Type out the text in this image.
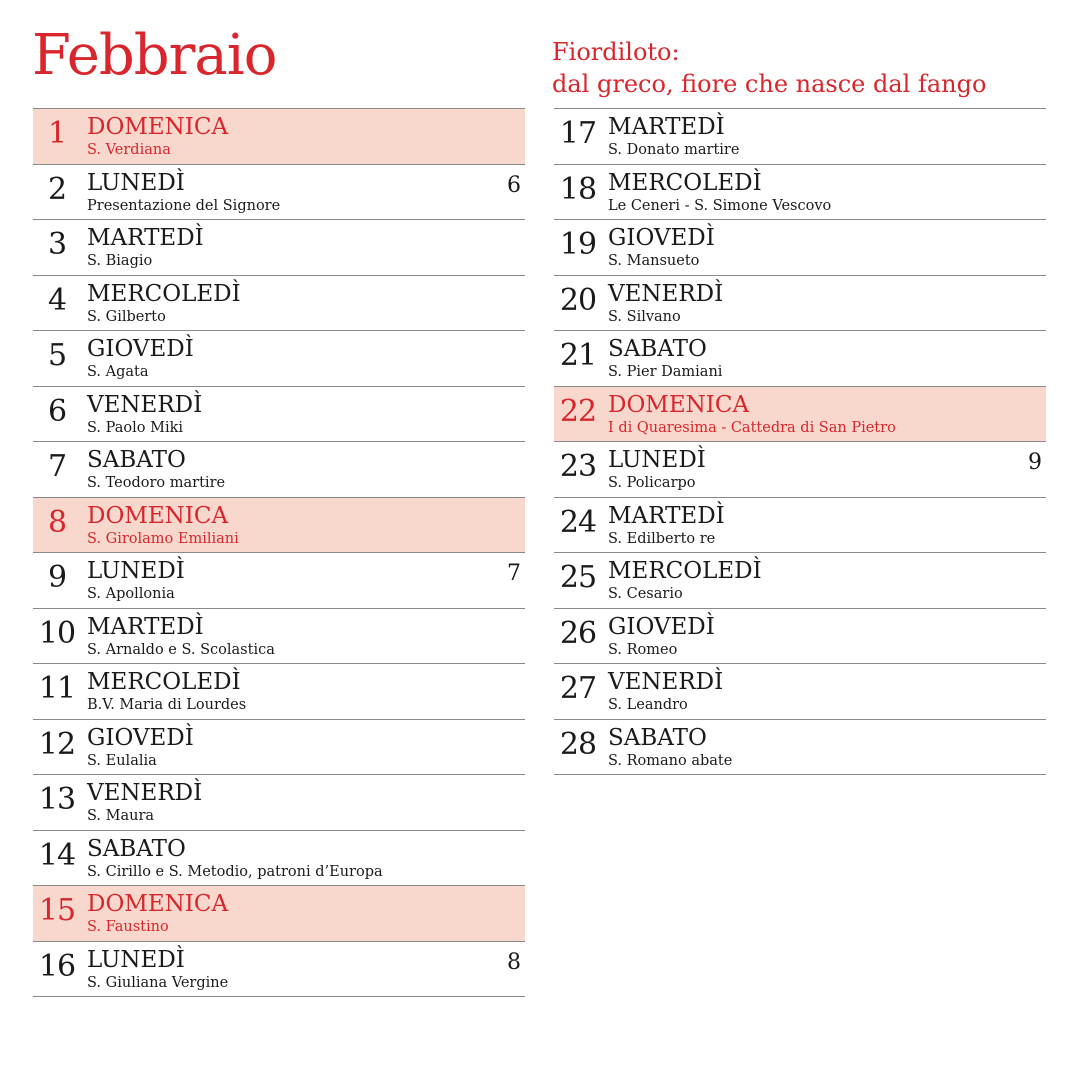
Febbraio	Fiordiloto:
dal greco, fiore che nasce dal fango
1 DOMENICA
S. Verdiana
2 LUNEDÌ
Presentazione del Signore
6
3 MARTEDÌ
S. Biagio
4 MERCOLEDÌ
S. Gilberto
5 GIOVEDÌ
S. Agata
6 VENERDÌ
S. Paolo Miki
7 SABATO
S. Teodoro martire
8 DOMENICA
S. Girolamo Emiliani
9 LUNEDÌ
S. Apollonia
7
10 MARTEDÌ
S. Arnaldo e S. Scolastica
11 MERCOLEDÌ
B.V. Maria di Lourdes
12 GIOVEDÌ
S. Eulalia
13 VENERDÌ
S. Maura
14 SABATO
S. Cirillo e S. Metodio, patroni d’Europa
15 DOMENICA
S. Faustino
16 LUNEDÌ
S. Giuliana Vergine
8
17 MARTEDÌ
S. Donato martire
18 MERCOLEDÌ
Le Ceneri - S. Simone Vescovo
19 GIOVEDÌ
S. Mansueto
20 VENERDÌ
S. Silvano
21 SABATO
S. Pier Damiani
22 DOMENICA
I di Quaresima - Cattedra di San Pietro
23 LUNEDÌ
S. Policarpo
9
24 MARTEDÌ
S. Edilberto re
25 MERCOLEDÌ
S. Cesario
26 GIOVEDÌ
S. Romeo
27 VENERDÌ
S. Leandro
28 SABATO
S. Romano abate
